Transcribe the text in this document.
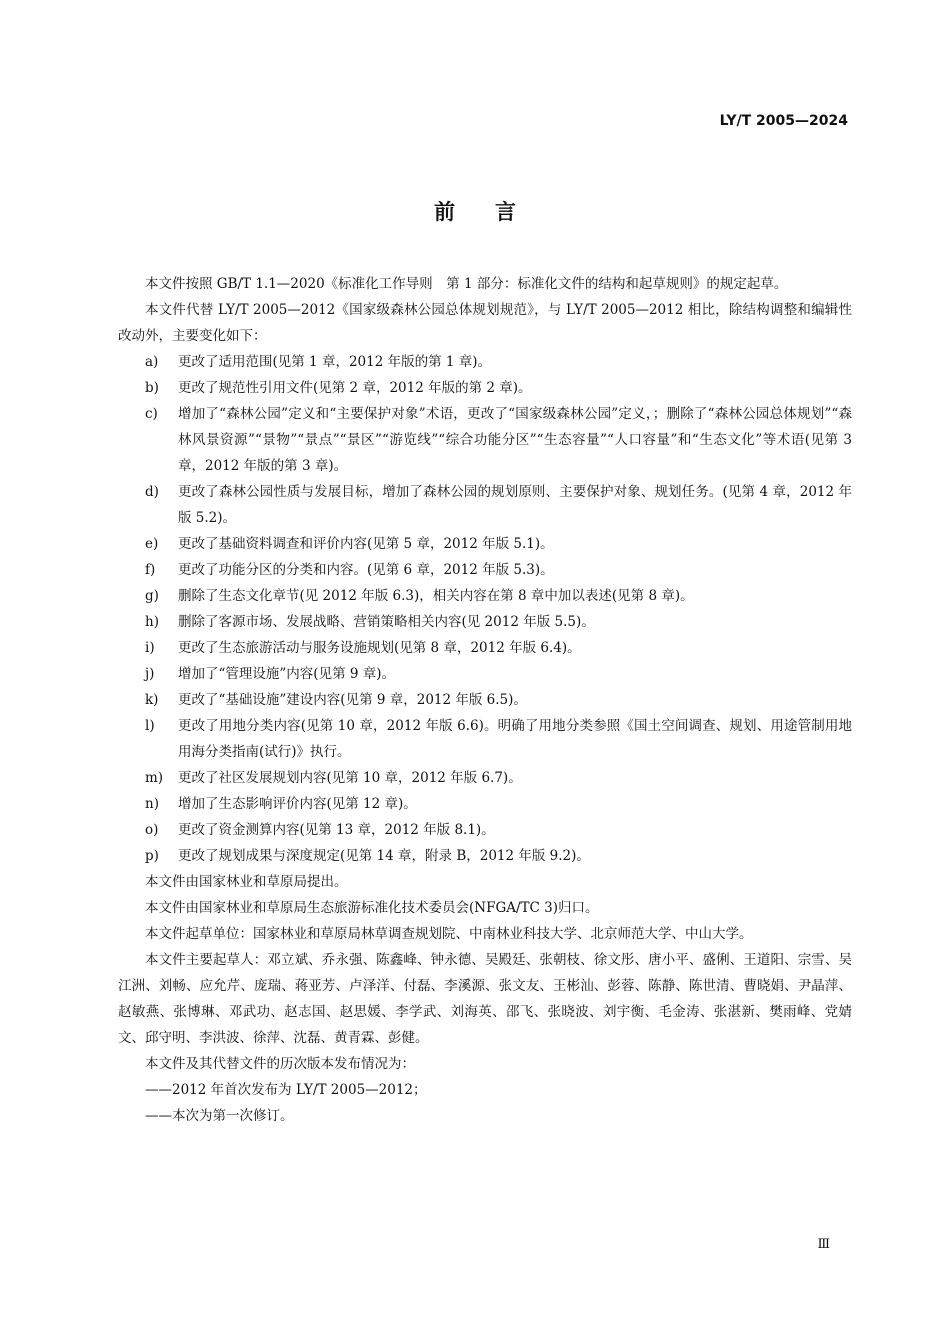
LY/T 2005—2024
前言

本文件按照 GB/T 1.1—2020《标准化工作导则　第 1 部分：标准化文件的结构和起草规则》的规定起草。

本文件代替 LY/T 2005—2012《国家级森林公园总体规划规范》，与 LY/T 2005—2012 相比，除结构调整和编辑性改动外，主要变化如下：

a)	更改了适用范围(见第 1 章，2012 年版的第 1 章)。
b)	更改了规范性引用文件(见第 2 章，2012 年版的第 2 章)。
c)	增加了“森林公园”定义和“主要保护对象”术语，更改了“国家级森林公园”定义，；删除了“森林公园总体规划”“森林风景资源”“景物”“景点”“景区”“游览线”“综合功能分区”“生态容量”“人口容量”和“生态文化”等术语(见第 3 章，2012 年版的第 3 章)。
d)	更改了森林公园性质与发展目标，增加了森林公园的规划原则、主要保护对象、规划任务。(见第 4 章，2012 年版 5.2)。
e)	更改了基础资料调查和评价内容(见第 5 章，2012 年版 5.1)。
f)	更改了功能分区的分类和内容。(见第 6 章，2012 年版 5.3)。
g)	删除了生态文化章节(见 2012 年版 6.3)，相关内容在第 8 章中加以表述(见第 8 章)。
h)	删除了客源市场、发展战略、营销策略相关内容(见 2012 年版 5.5)。
i)	更改了生态旅游活动与服务设施规划(见第 8 章，2012 年版 6.4)。
j)	增加了“管理设施”内容(见第 9 章)。
k)	更改了“基础设施”建设内容(见第 9 章，2012 年版 6.5)。
l)	更改了用地分类内容(见第 10 章，2012 年版 6.6)。明确了用地分类参照《国土空间调查、规划、用途管制用地用海分类指南(试行)》执行。
m)	更改了社区发展规划内容(见第 10 章，2012 年版 6.7)。
n)	增加了生态影响评价内容(见第 12 章)。
o)	更改了资金测算内容(见第 13 章，2012 年版 8.1)。
p)	更改了规划成果与深度规定(见第 14 章，附录 B，2012 年版 9.2)。

本文件由国家林业和草原局提出。

本文件由国家林业和草原局生态旅游标准化技术委员会(NFGA/TC 3)归口。

本文件起草单位：国家林业和草原局林草调查规划院、中南林业科技大学、北京师范大学、中山大学。

本文件主要起草人：邓立斌、乔永强、陈鑫峰、钟永德、吴殿廷、张朝枝、徐文彤、唐小平、盛俐、王道阳、宗雪、吴江洲、刘畅、应允芹、庞瑞、蒋亚芳、卢泽洋、付磊、李溪源、张文友、王彬汕、彭蓉、陈静、陈世清、曹晓娟、尹晶萍、赵敏燕、张博琳、邓武功、赵志国、赵思媛、李学武、刘海英、邵飞、张晓波、刘宇衡、毛金涛、张湛新、樊雨峰、党婧文、邱守明、李洪波、徐萍、沈磊、黄青霖、彭健。

本文件及其代替文件的历次版本发布情况为：

——2012 年首次发布为 LY/T 2005—2012；

——本次为第一次修订。

Ⅲ
